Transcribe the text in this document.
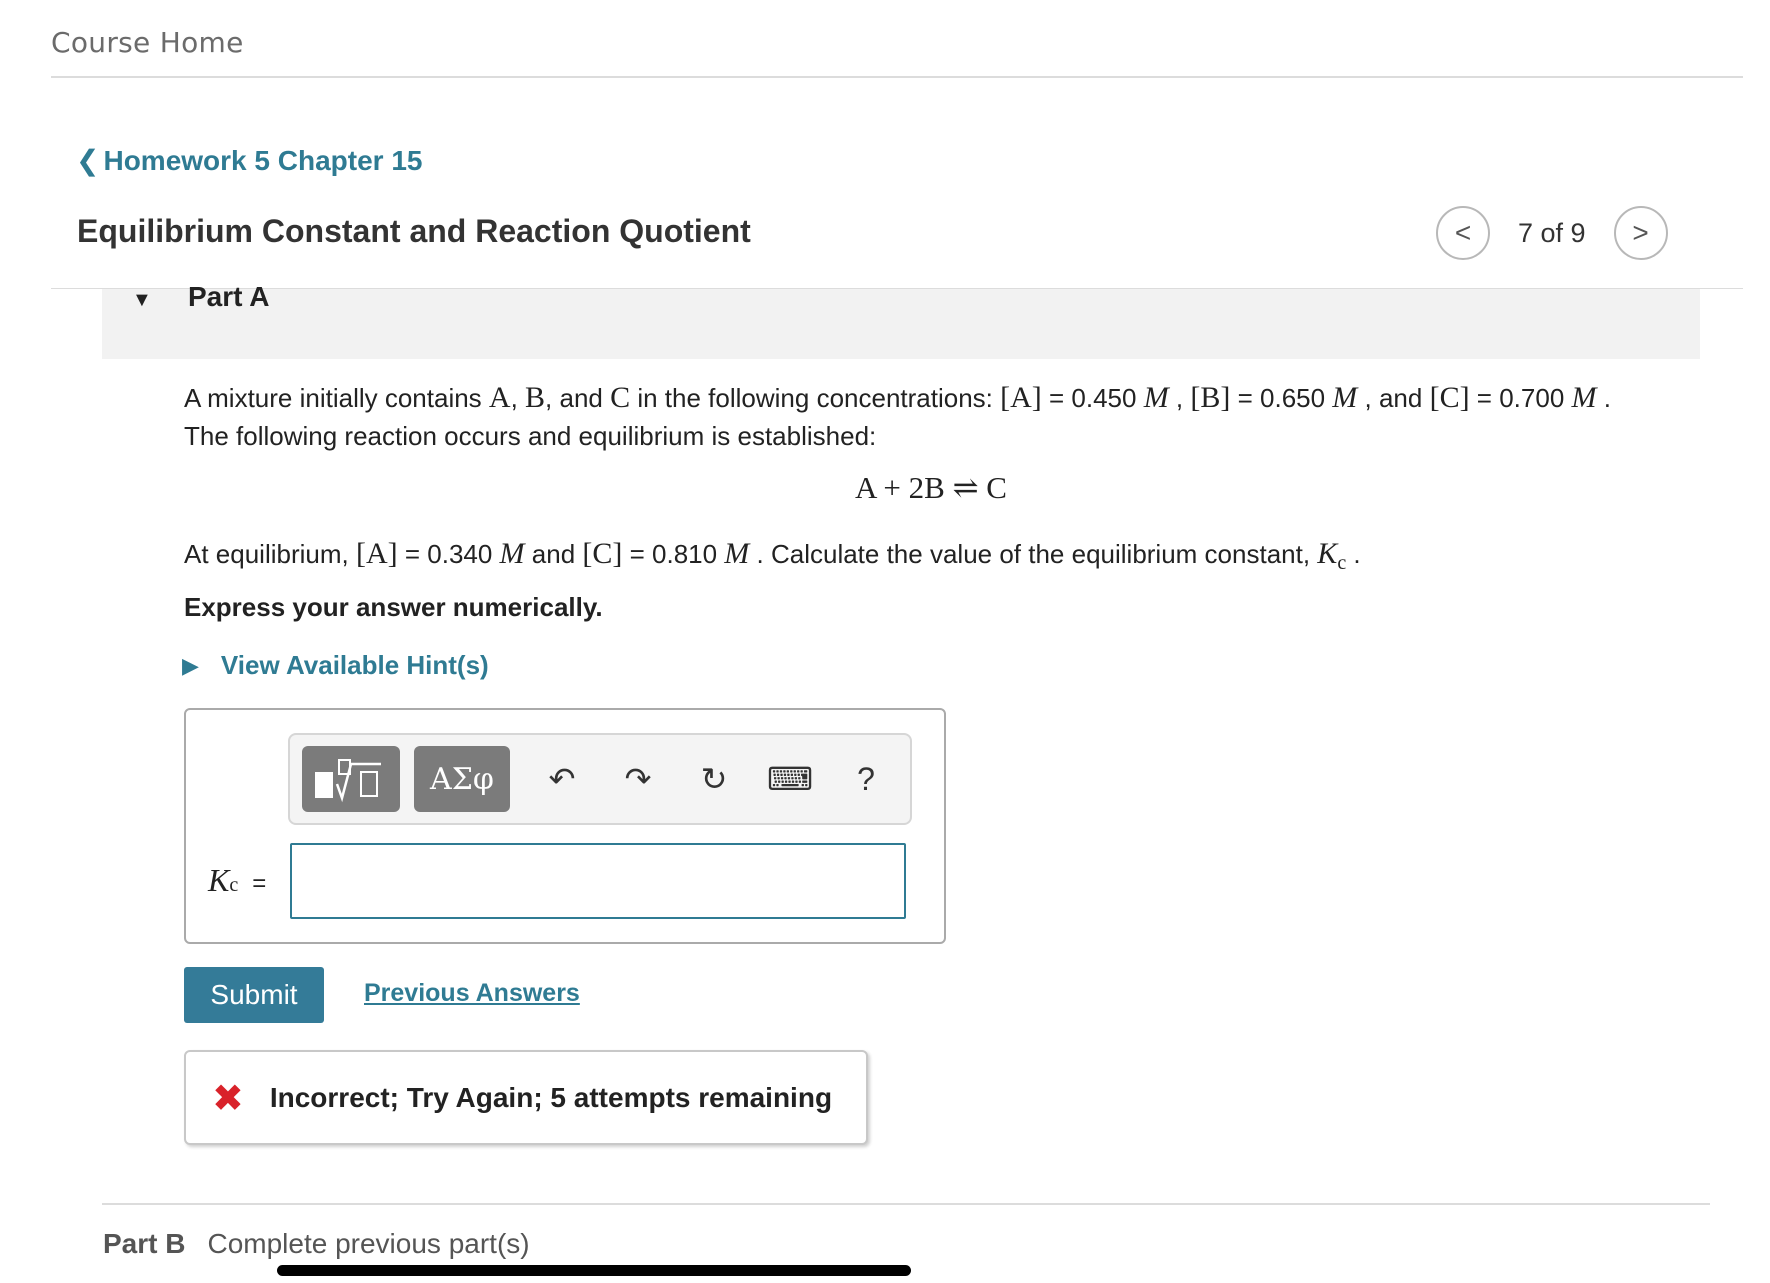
Course Home
❮ Homework 5 Chapter 15
Equilibrium Constant and Reaction Quotient	< 7 of 9 >
▼ Part A
A mixture initially contains A, B, and C in the following concentrations: [A] = 0.450 M , [B] = 0.650 M , and [C] = 0.700 M .
The following reaction occurs and equilibrium is established:
A + 2B ⇌ C
At equilibrium, [A] = 0.340 M and [C] = 0.810 M . Calculate the value of the equilibrium constant, $K_c$ .
Express your answer numerically.
▶ View Available Hint(s)
ΑΣφ ↶ ↷ ↻ ⌨ ?
K c =
Submit	Previous Answers
✖ Incorrect; Try Again; 5 attempts remaining
Part B Complete previous part(s)
